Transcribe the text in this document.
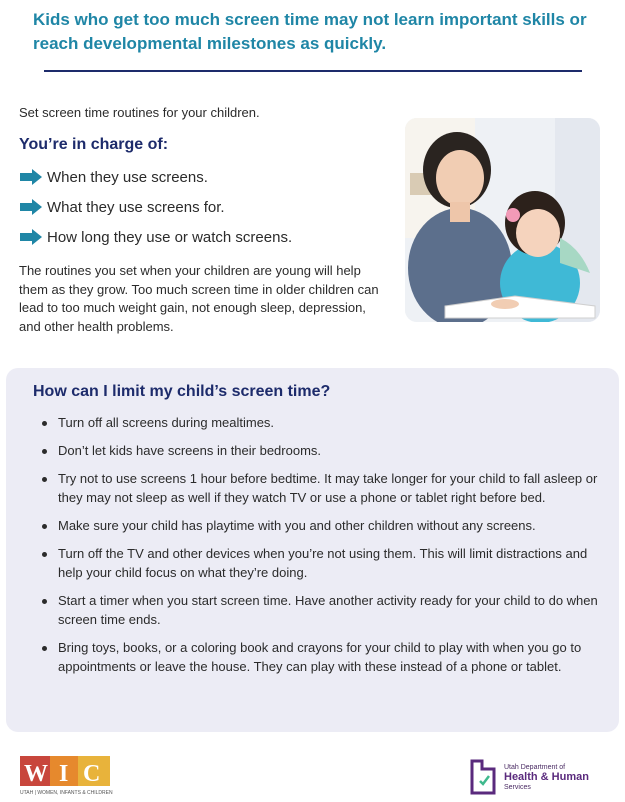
Kids who get too much screen time may not learn important skills or reach developmental milestones as quickly.
Set screen time routines for your children.
You’re in charge of:
When they use screens.
What they use screens for.
How long they use or watch screens.
The routines you set when your children are young will help them as they grow. Too much screen time in older children can lead to too much weight gain, not enough sleep, depression, and other health problems.
How can I limit my child’s screen time?
Turn off all screens during mealtimes.
Don’t let kids have screens in their bedrooms.
Try not to use screens 1 hour before bedtime. It may take longer for your child to fall asleep or they may not sleep as well if they watch TV or use a phone or tablet right before bed.
Make sure your child has playtime with you and other children without any screens.
Turn off the TV and other devices when you’re not using them. This will limit distractions and help your child focus on what they’re doing.
Start a timer when you start screen time. Have another activity ready for your child to do when screen time ends.
Bring toys, books, or a coloring book and crayons for your child to play with when you go to appointments or leave the house. They can play with these instead of a phone or tablet.
W I C
UTAH | WOMEN, INFANTS & CHILDREN
Utah Department of
Health & Human
Services
